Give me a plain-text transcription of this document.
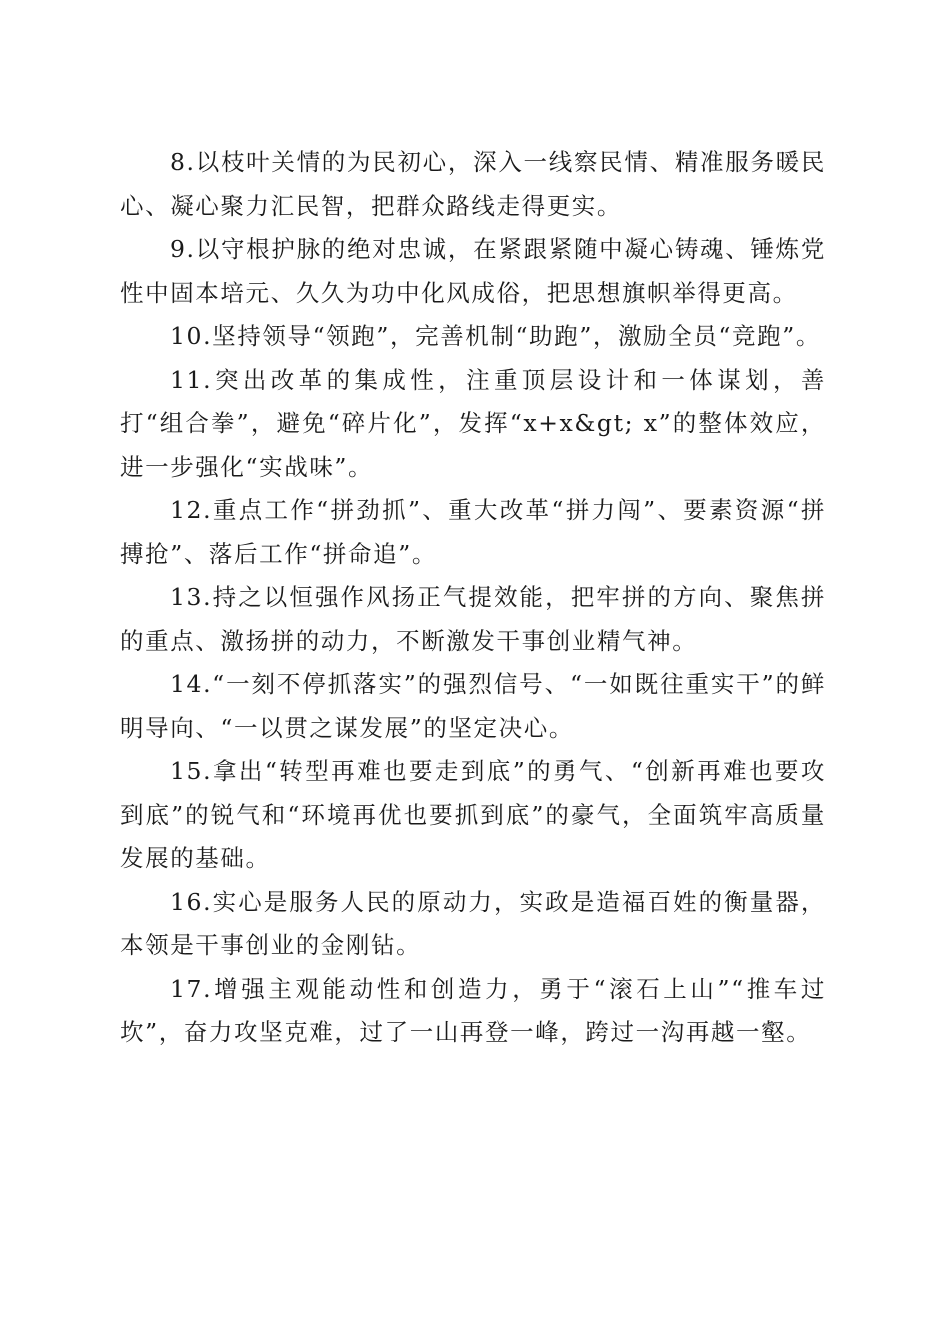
8.以枝叶关情的为民初心，深入一线察民情、精准服务暖民心、凝心聚力汇民智，把群众路线走得更实。

9.以守根护脉的绝对忠诚，在紧跟紧随中凝心铸魂、锤炼党性中固本培元、久久为功中化风成俗，把思想旗帜举得更高。

10.坚持领导“领跑”，完善机制“助跑”，激励全员“竞跑”。

11.突出改革的集成性，注重顶层设计和一体谋划，善打“组合拳”，避免“碎片化”，发挥“x+x&gt; x”的整体效应，进一步强化“实战味”。

12.重点工作“拼劲抓”、重大改革“拼力闯”、要素资源“拼搏抢”、落后工作“拼命追”。

13.持之以恒强作风扬正气提效能，把牢拼的方向、聚焦拼的重点、激扬拼的动力，不断激发干事创业精气神。

14.“一刻不停抓落实”的强烈信号、“一如既往重实干”的鲜明导向、“一以贯之谋发展”的坚定决心。

15.拿出“转型再难也要走到底”的勇气、“创新再难也要攻到底”的锐气和“环境再优也要抓到底”的豪气，全面筑牢高质量发展的基础。

16.实心是服务人民的原动力，实政是造福百姓的衡量器，本领是干事创业的金刚钻。

17.增强主观能动性和创造力，勇于“滚石上山”“推车过坎”，奋力攻坚克难，过了一山再登一峰，跨过一沟再越一壑。
